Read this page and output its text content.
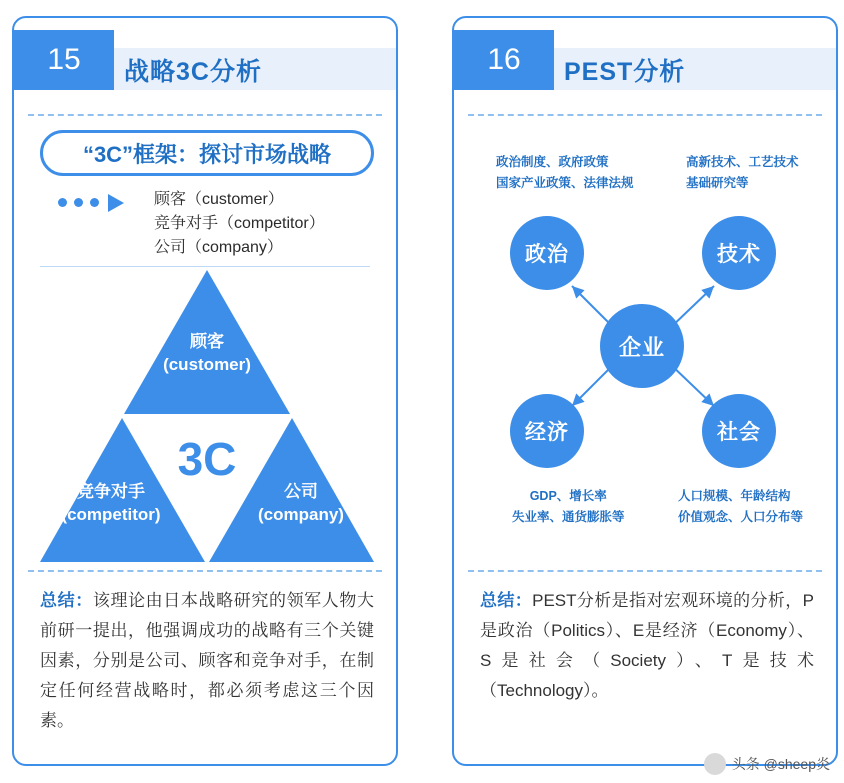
15	战略3C分析
“3C”框架：探讨市场战略
顾客（customer）
竞争对手（competitor）
公司（company）
3C
顾客
(customer)
竞争对手
(competitor)
公司
(company)
总结：该理论由日本战略研究的领军人物大前研一提出，他强调成功的战略有三个关键因素，分别是公司、顾客和竞争对手，在制定任何经营战略时，都必须考虑这三个因素。
16	PEST分析
政治制度、政府政策
国家产业政策、法律法规
高新技术、工艺技术
基础研究等
GDP、增长率
失业率、通货膨胀等
人口规模、年龄结构
价值观念、人口分布等
政治	技术
经济	社会
企业
总结：PEST分析是指对宏观环境的分析，P是政治（Politics）、E是经济（Economy）、S是社会（Society）、T是技术（Technology）。
头条 @sheep炎
